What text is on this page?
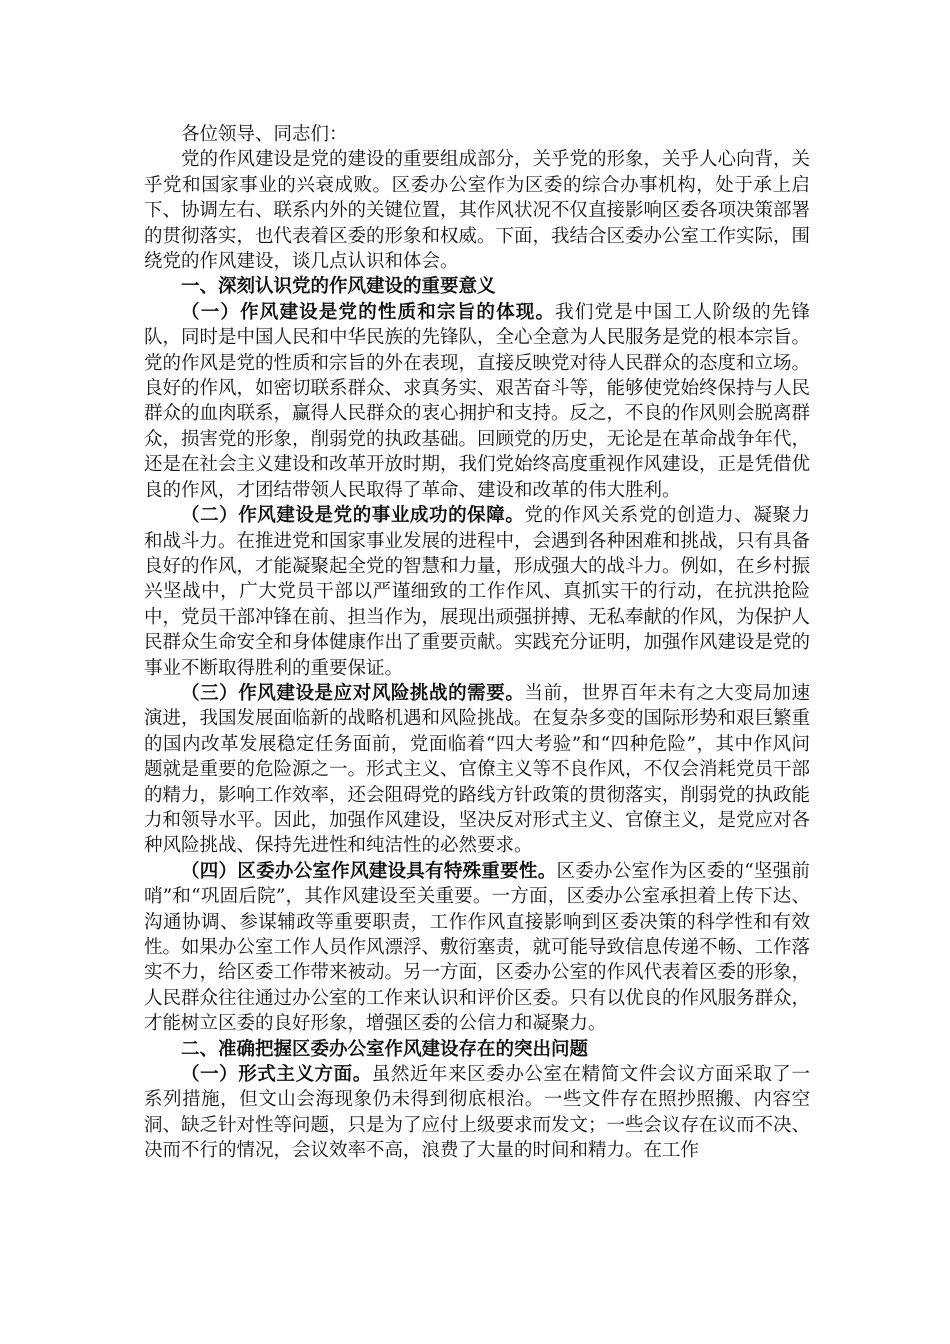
各位领导、同志们：

党的作风建设是党的建设的重要组成部分，关乎党的形象，关乎人心向背，关乎党和国家事业的兴衰成败。区委办公室作为区委的综合办事机构，处于承上启下、协调左右、联系内外的关键位置，其作风状况不仅直接影响区委各项决策部署的贯彻落实，也代表着区委的形象和权威。下面，我结合区委办公室工作实际，围绕党的作风建设，谈几点认识和体会。

一、深刻认识党的作风建设的重要意义

（一）作风建设是党的性质和宗旨的体现。我们党是中国工人阶级的先锋队，同时是中国人民和中华民族的先锋队，全心全意为人民服务是党的根本宗旨。党的作风是党的性质和宗旨的外在表现，直接反映党对待人民群众的态度和立场。良好的作风，如密切联系群众、求真务实、艰苦奋斗等，能够使党始终保持与人民群众的血肉联系，赢得人民群众的衷心拥护和支持。反之，不良的作风则会脱离群众，损害党的形象，削弱党的执政基础。回顾党的历史，无论是在革命战争年代，还是在社会主义建设和改革开放时期，我们党始终高度重视作风建设，正是凭借优良的作风，才团结带领人民取得了革命、建设和改革的伟大胜利。

（二）作风建设是党的事业成功的保障。党的作风关系党的创造力、凝聚力和战斗力。在推进党和国家事业发展的进程中，会遇到各种困难和挑战，只有具备良好的作风，才能凝聚起全党的智慧和力量，形成强大的战斗力。例如，在乡村振兴坚战中，广大党员干部以严谨细致的工作作风、真抓实干的行动，在抗洪抢险中，党员干部冲锋在前、担当作为，展现出顽强拼搏、无私奉献的作风，为保护人民群众生命安全和身体健康作出了重要贡献。实践充分证明，加强作风建设是党的事业不断取得胜利的重要保证。

（三）作风建设是应对风险挑战的需要。当前，世界百年未有之大变局加速演进，我国发展面临新的战略机遇和风险挑战。在复杂多变的国际形势和艰巨繁重的国内改革发展稳定任务面前，党面临着“四大考验”和“四种危险”，其中作风问题就是重要的危险源之一。形式主义、官僚主义等不良作风，不仅会消耗党员干部的精力，影响工作效率，还会阻碍党的路线方针政策的贯彻落实，削弱党的执政能力和领导水平。因此，加强作风建设，坚决反对形式主义、官僚主义，是党应对各种风险挑战、保持先进性和纯洁性的必然要求。

（四）区委办公室作风建设具有特殊重要性。区委办公室作为区委的“坚强前哨”和“巩固后院”，其作风建设至关重要。一方面，区委办公室承担着上传下达、沟通协调、参谋辅政等重要职责，工作作风直接影响到区委决策的科学性和有效性。如果办公室工作人员作风漂浮、敷衍塞责，就可能导致信息传递不畅、工作落实不力，给区委工作带来被动。另一方面，区委办公室的作风代表着区委的形象，人民群众往往通过办公室的工作来认识和评价区委。只有以优良的作风服务群众，才能树立区委的良好形象，增强区委的公信力和凝聚力。

二、准确把握区委办公室作风建设存在的突出问题

（一）形式主义方面。虽然近年来区委办公室在精简文件会议方面采取了一系列措施，但文山会海现象仍未得到彻底根治。一些文件存在照抄照搬、内容空洞、缺乏针对性等问题，只是为了应付上级要求而发文；一些会议存在议而不决、决而不行的情况，会议效率不高，浪费了大量的时间和精力。在工作
